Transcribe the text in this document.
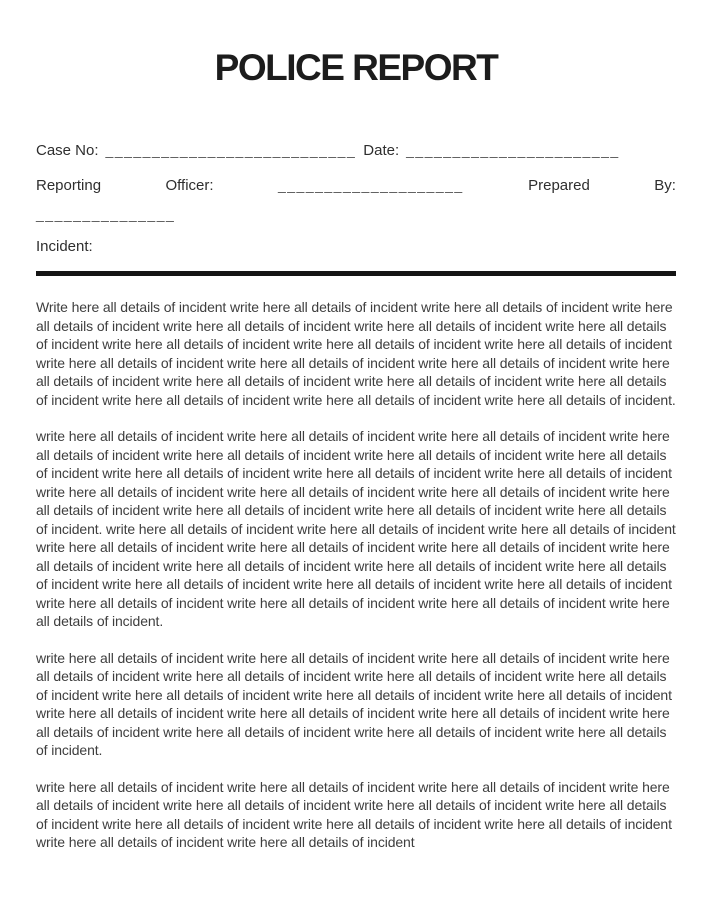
POLICE REPORT

Case No: ___________________________ Date: _______________________

Reporting	Officer:	____________________	Prepared	By:

_______________

Incident:

Write here all details of incident write here all details of incident write here all details of incident write here all details of incident write here all details of incident write here all details of incident write here all details of incident write here all details of incident write here all details of incident write here all details of incident write here all details of incident write here all details of incident write here all details of incident write here all details of incident write here all details of incident write here all details of incident write here all details of incident write here all details of incident write here all details of incident write here all details of incident.

write here all details of incident write here all details of incident write here all details of incident write here all details of incident write here all details of incident write here all details of incident write here all details of incident write here all details of incident write here all details of incident write here all details of incident write here all details of incident write here all details of incident write here all details of incident write here all details of incident write here all details of incident write here all details of incident write here all details of incident. write here all details of incident write here all details of incident write here all details of incident write here all details of incident write here all details of incident write here all details of incident write here all details of incident write here all details of incident write here all details of incident write here all details of incident write here all details of incident write here all details of incident write here all details of incident write here all details of incident write here all details of incident write here all details of incident write here all details of incident.

write here all details of incident write here all details of incident write here all details of incident write here all details of incident write here all details of incident write here all details of incident write here all details of incident write here all details of incident write here all details of incident write here all details of incident write here all details of incident write here all details of incident write here all details of incident write here all details of incident write here all details of incident write here all details of incident write here all details of incident.

write here all details of incident write here all details of incident write here all details of incident write here all details of incident write here all details of incident write here all details of incident write here all details of incident write here all details of incident write here all details of incident write here all details of incident write here all details of incident write here all details of incident
